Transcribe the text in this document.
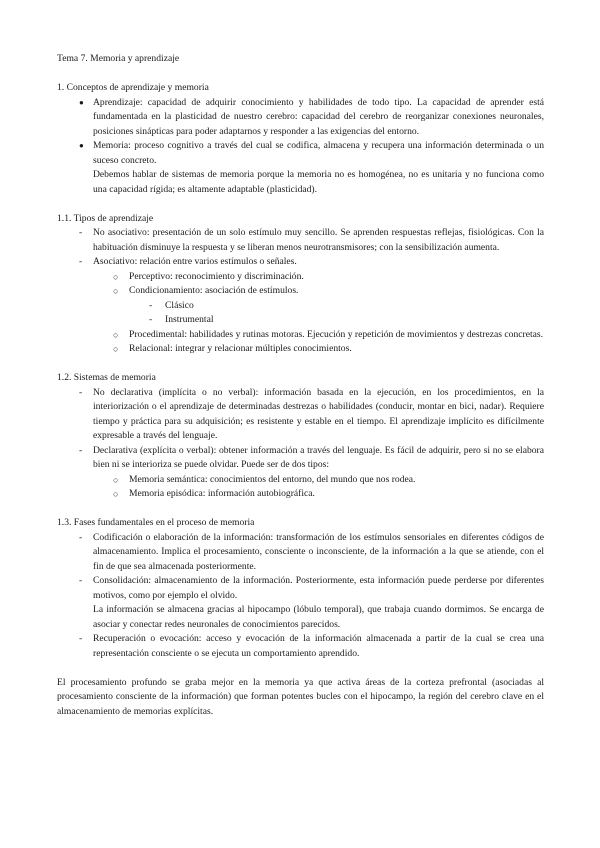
Tema 7. Memoria y aprendizaje

1. Conceptos de aprendizaje y memoria

● Aprendizaje: capacidad de adquirir conocimiento y habilidades de todo tipo. La capacidad de aprender está fundamentada en la plasticidad de nuestro cerebro: capacidad del cerebro de reorganizar conexiones neuronales, posiciones sinápticas para poder adaptarnos y responder a las exigencias del entorno.
● Memoria: proceso cognitivo a través del cual se codifica, almacena y recupera una información determinada o un suceso concreto.

Debemos hablar de sistemas de memoria porque la memoria no es homogénea, no es unitaria y no funciona como una capacidad rígida; es altamente adaptable (plasticidad).

1.1. Tipos de aprendizaje

- No asociativo: presentación de un solo estímulo muy sencillo. Se aprenden respuestas reflejas, fisiológicas. Con la habituación disminuye la respuesta y se liberan menos neurotransmisores; con la sensibilización aumenta.
- Asociativo: relación entre varios estímulos o señales.
○ Perceptivo: reconocimiento y discriminación.
○ Condicionamiento: asociación de estímulos.
- Clásico
- Instrumental
○ Procedimental: habilidades y rutinas motoras. Ejecución y repetición de movimientos y destrezas concretas.
○ Relacional: integrar y relacionar múltiples conocimientos.

1.2. Sistemas de memoria

- No declarativa (implícita o no verbal): información basada en la ejecución, en los procedimientos, en la interiorización o el aprendizaje de determinadas destrezas o habilidades (conducir, montar en bici, nadar). Requiere tiempo y práctica para su adquisición; es resistente y estable en el tiempo. El aprendizaje implícito es difícilmente expresable a través del lenguaje.
- Declarativa (explícita o verbal): obtener información a través del lenguaje. Es fácil de adquirir, pero si no se elabora bien ni se interioriza se puede olvidar. Puede ser de dos tipos:
○ Memoria semántica: conocimientos del entorno, del mundo que nos rodea.
○ Memoria episódica: información autobiográfica.

1.3. Fases fundamentales en el proceso de memoria

- Codificación o elaboración de la información: transformación de los estímulos sensoriales en diferentes códigos de almacenamiento. Implica el procesamiento, consciente o inconsciente, de la información a la que se atiende, con el fin de que sea almacenada posteriormente.
- Consolidación: almacenamiento de la información. Posteriormente, esta información puede perderse por diferentes motivos, como por ejemplo el olvido.

La información se almacena gracias al hipocampo (lóbulo temporal), que trabaja cuando dormimos. Se encarga de asociar y conectar redes neuronales de conocimientos parecidos.

- Recuperación o evocación: acceso y evocación de la información almacenada a partir de la cual se crea una representación consciente o se ejecuta un comportamiento aprendido.

El procesamiento profundo se graba mejor en la memoria ya que activa áreas de la corteza prefrontal (asociadas al procesamiento consciente de la información) que forman potentes bucles con el hipocampo, la región del cerebro clave en el almacenamiento de memorias explícitas.
